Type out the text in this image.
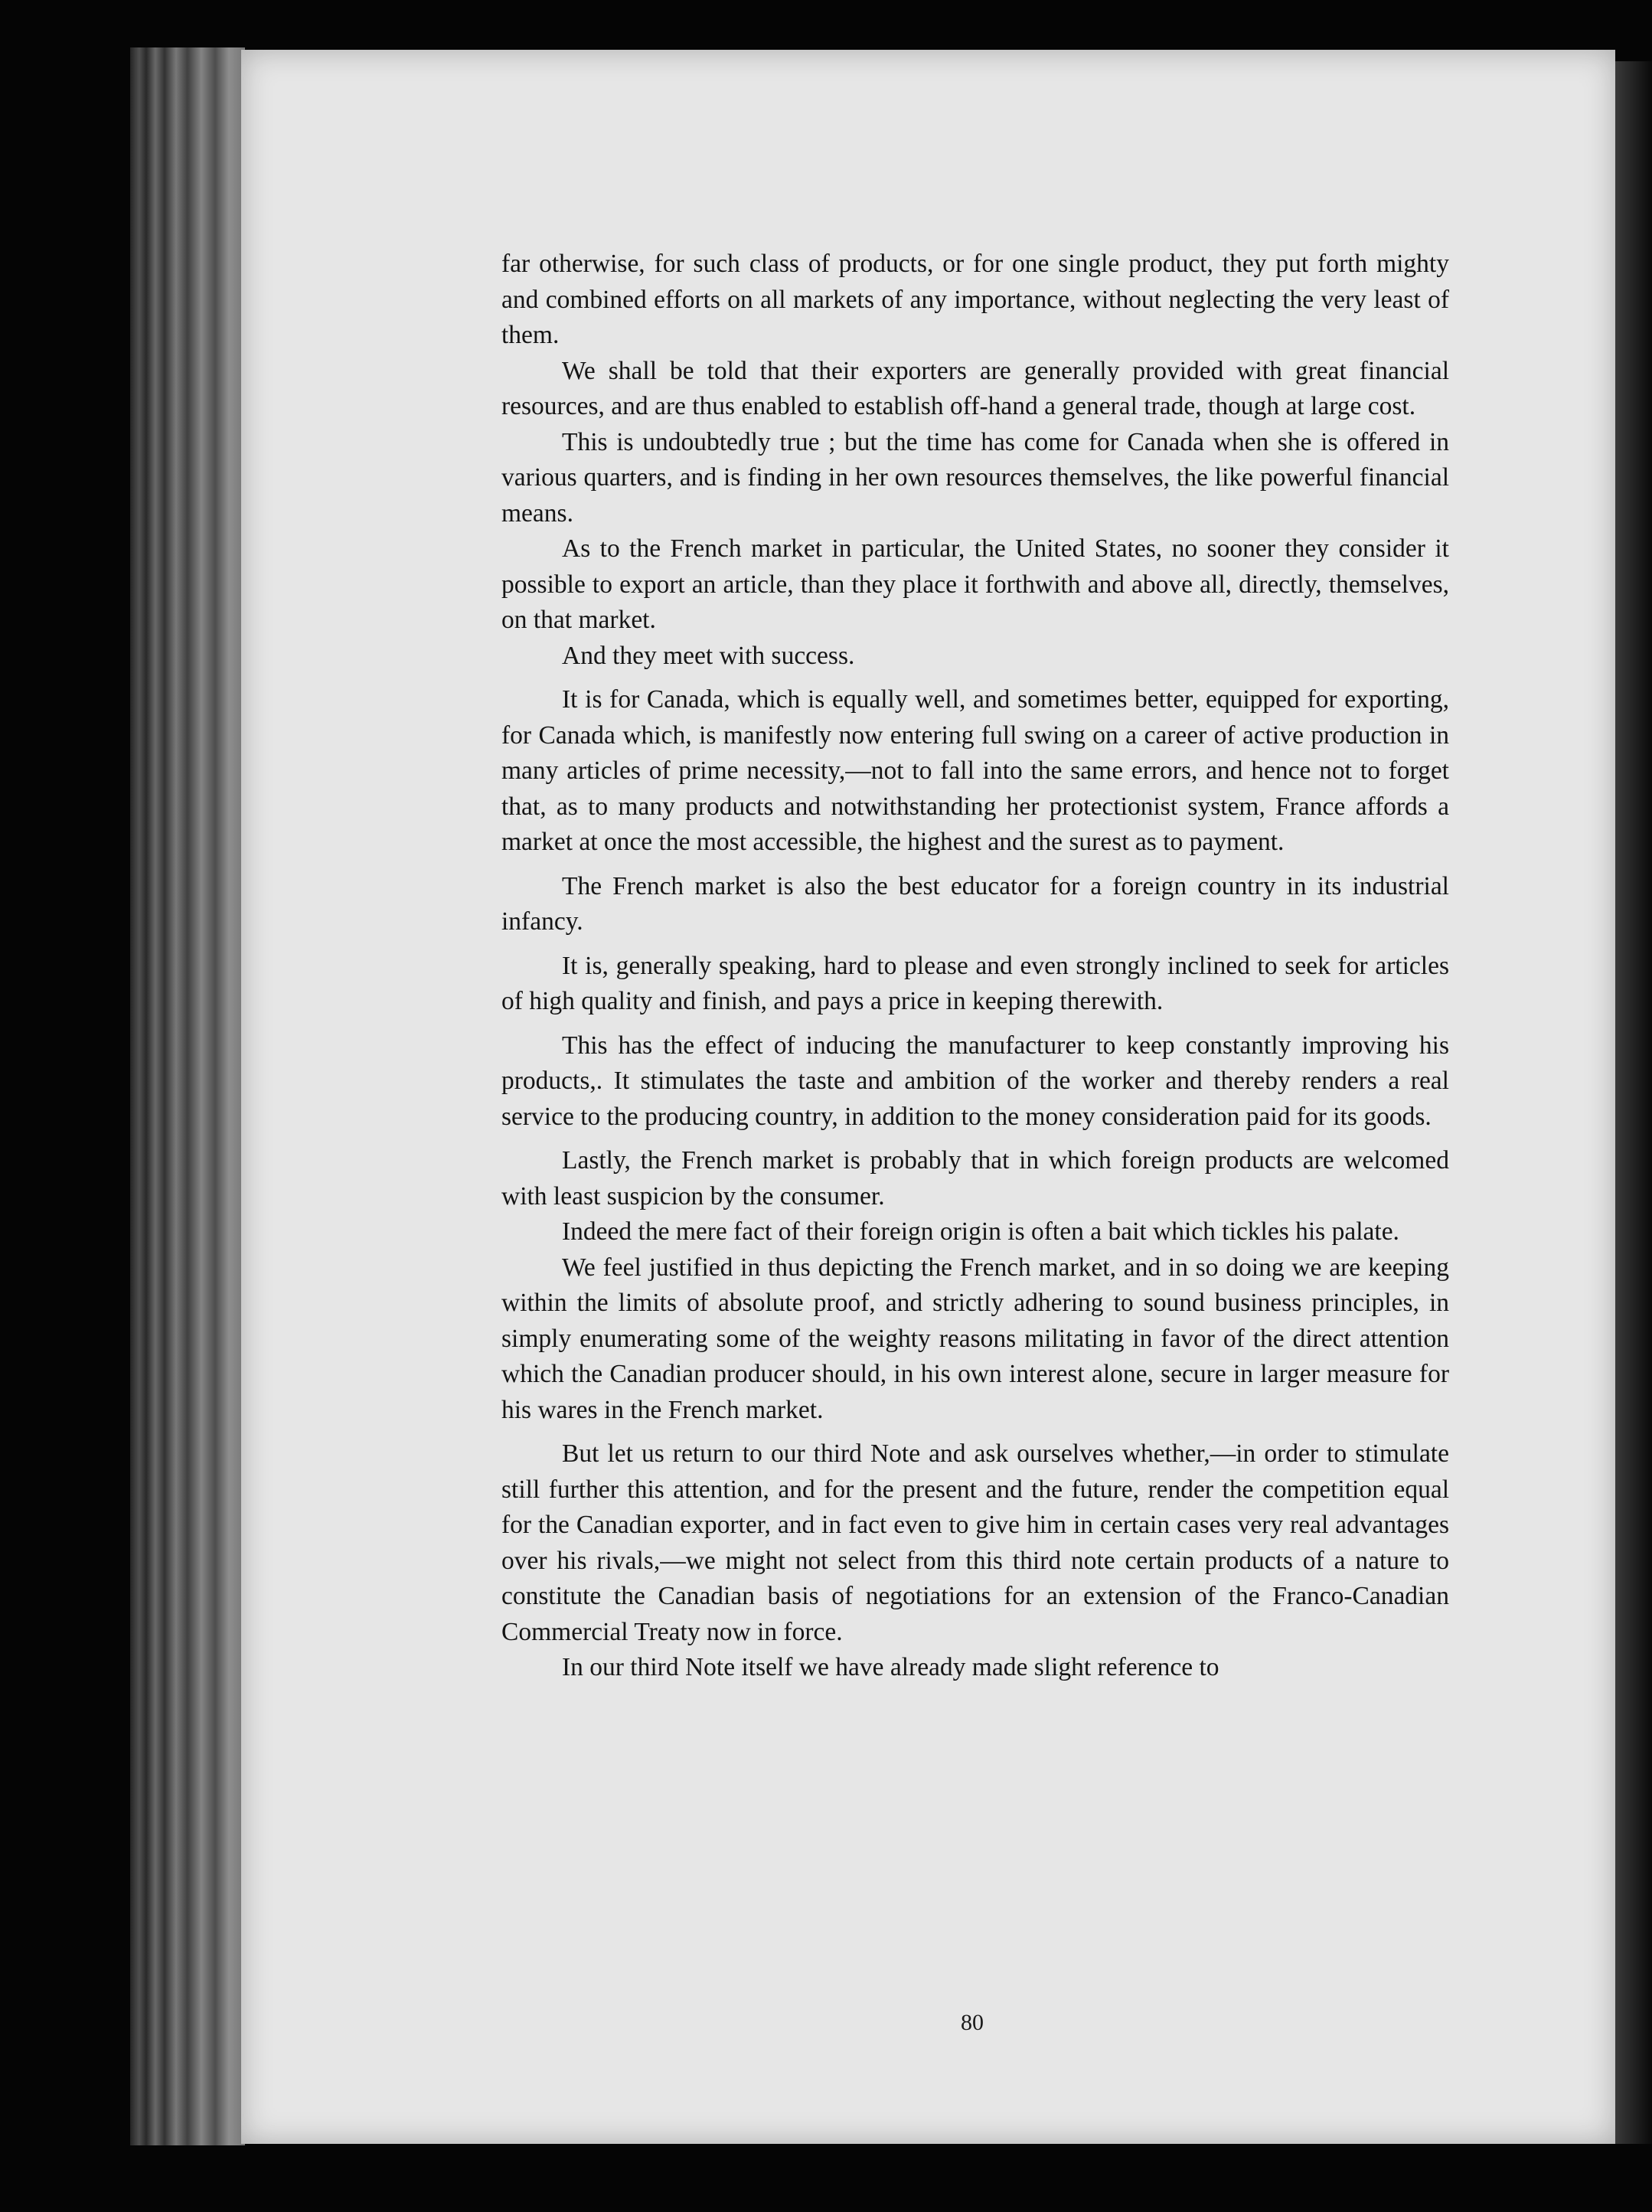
far otherwise, for such class of products, or for one single product, they put forth mighty and combined efforts on all markets of any importance, without neglecting the very least of them.

We shall be told that their exporters are generally provided with great financial resources, and are thus enabled to establish off-hand a general trade, though at large cost.

This is undoubtedly true ; but the time has come for Canada when she is offered in various quarters, and is finding in her own resources themselves, the like powerful financial means.

As to the French market in particular, the United States, no sooner they consider it possible to export an article, than they place it forthwith and above all, directly, themselves, on that market.

And they meet with success.

It is for Canada, which is equally well, and sometimes better, equipped for exporting, for Canada which, is manifestly now entering full swing on a career of active production in many articles of prime necessity,—not to fall into the same errors, and hence not to forget that, as to many products and notwithstanding her protectionist system, France affords a market at once the most accessible, the highest and the surest as to payment.

The French market is also the best educator for a foreign country in its industrial infancy.

It is, generally speaking, hard to please and even strongly inclined to seek for articles of high quality and finish, and pays a price in keeping therewith.

This has the effect of inducing the manufacturer to keep constantly improving his products,. It stimulates the taste and ambition of the worker and thereby renders a real service to the producing country, in addition to the money consideration paid for its goods.

Lastly, the French market is probably that in which foreign products are welcomed with least suspicion by the consumer.

Indeed the mere fact of their foreign origin is often a bait which tickles his palate.

We feel justified in thus depicting the French market, and in so doing we are keeping within the limits of absolute proof, and strictly adhering to sound business principles, in simply enumerating some of the weighty reasons militating in favor of the direct attention which the Canadian producer should, in his own interest alone, secure in larger measure for his wares in the French market.

But let us return to our third Note and ask ourselves whether,—in order to stimulate still further this attention, and for the present and the future, render the competition equal for the Canadian exporter, and in fact even to give him in certain cases very real advantages over his rivals,—we might not select from this third note certain products of a nature to constitute the Canadian basis of negotiations for an extension of the Franco-Canadian Commercial Treaty now in force.

In our third Note itself we have already made slight reference to

80
